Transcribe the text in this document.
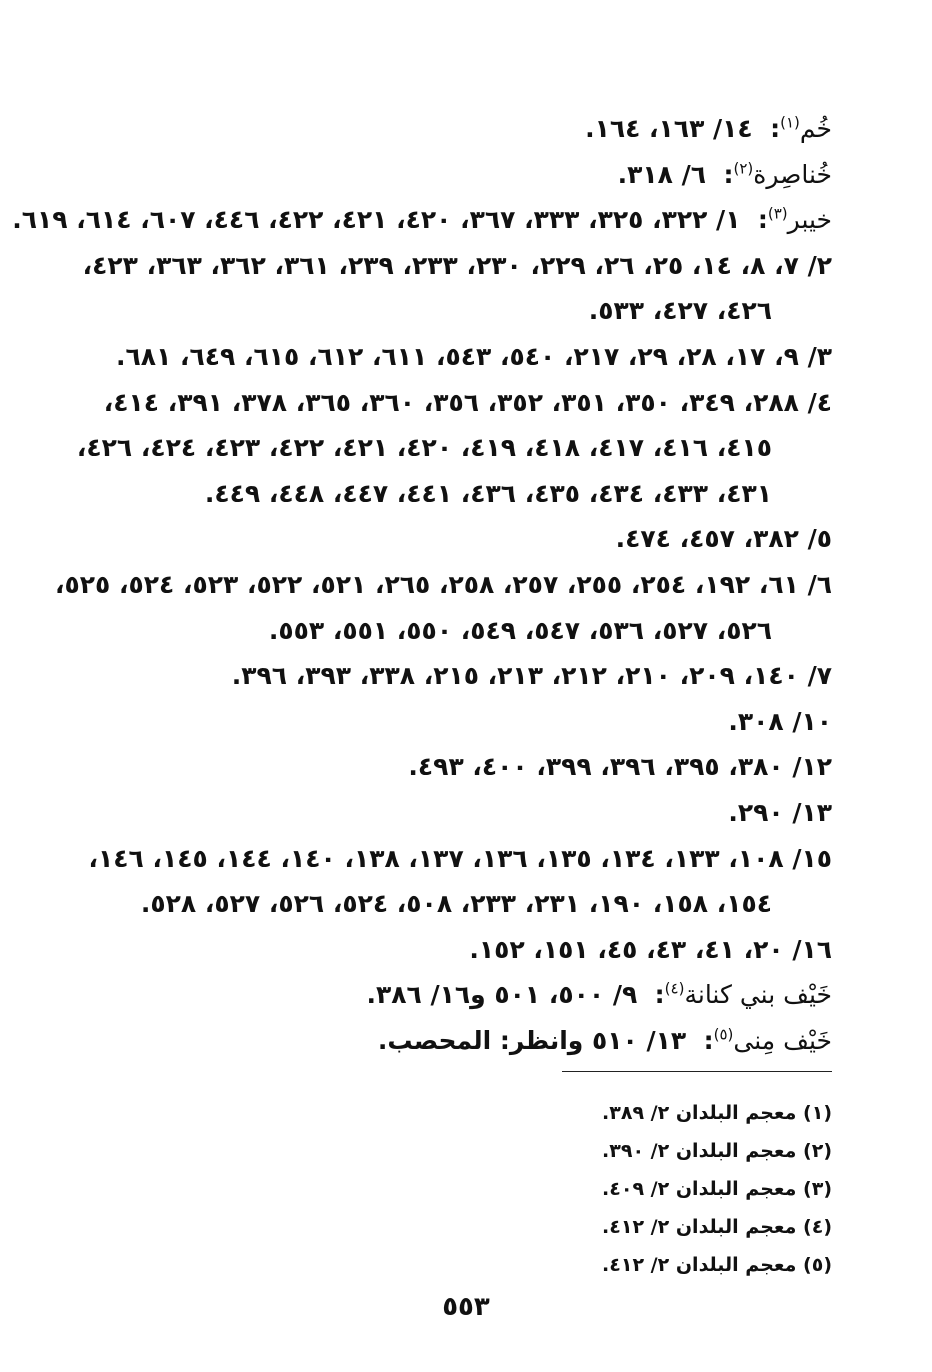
خُم$^{(١)}$:  ١٤/ ١٦٣، ١٦٤.
خُناصِرة$^{(٢)}$:  ٦/ ٣١٨.
خيبر$^{(٣)}$:  ١/ ٣٢٢، ٣٢٥، ٣٣٣، ٣٦٧، ٤٢٠، ٤٢١، ٤٢٢، ٤٤٦، ٦٠٧، ٦١٤، ٦١٩.
٢/ ٧، ٨، ١٤، ٢٥، ٢٦، ٢٢٩، ٢٣٠، ٢٣٣، ٢٣٩، ٣٦١، ٣٦٢، ٣٦٣، ٤٢٣،
٤٢٦، ٤٢٧، ٥٣٣.
٣/ ٩، ١٧، ٢٨، ٢٩، ٢١٧، ٥٤٠، ٥٤٣، ٦١١، ٦١٢، ٦١٥، ٦٤٩، ٦٨١.
٤/ ٢٨٨، ٣٤٩، ٣٥٠، ٣٥١، ٣٥٢، ٣٥٦، ٣٦٠، ٣٦٥، ٣٧٨، ٣٩١، ٤١٤،
٤١٥، ٤١٦، ٤١٧، ٤١٨، ٤١٩، ٤٢٠، ٤٢١، ٤٢٢، ٤٢٣، ٤٢٤، ٤٢٦،
٤٣١، ٤٣٣، ٤٣٤، ٤٣٥، ٤٣٦، ٤٤١، ٤٤٧، ٤٤٨، ٤٤٩.
٥/ ٣٨٢، ٤٥٧، ٤٧٤.
٦/ ٦١، ١٩٢، ٢٥٤، ٢٥٥، ٢٥٧، ٢٥٨، ٢٦٥، ٥٢١، ٥٢٢، ٥٢٣، ٥٢٤، ٥٢٥،
٥٢٦، ٥٢٧، ٥٣٦، ٥٤٧، ٥٤٩، ٥٥٠، ٥٥١، ٥٥٣.
٧/ ١٤٠، ٢٠٩، ٢١٠، ٢١٢، ٢١٣، ٢١٥، ٣٣٨، ٣٩٣، ٣٩٦.
١٠/ ٣٠٨.
١٢/ ٣٨٠، ٣٩٥، ٣٩٦، ٣٩٩، ٤٠٠، ٤٩٣.
١٣/ ٢٩٠.
١٥/ ١٠٨، ١٣٣، ١٣٤، ١٣٥، ١٣٦، ١٣٧، ١٣٨، ١٤٠، ١٤٤، ١٤٥، ١٤٦،
١٥٤، ١٥٨، ١٩٠، ٢٣١، ٢٣٣، ٥٠٨، ٥٢٤، ٥٢٦، ٥٢٧، ٥٢٨.
١٦/ ٢٠، ٤١، ٤٣، ٤٥، ١٥١، ١٥٢.
خَيْف بني كنانة$^{(٤)}$:  ٩/ ٥٠٠، ٥٠١ و١٦/ ٣٨٦.
خَيْف مِنى$^{(٥)}$:  ١٣/ ٥١٠ وانظر: المحصب.
(١) معجم البلدان ٢/ ٣٨٩.
(٢) معجم البلدان ٢/ ٣٩٠.
(٣) معجم البلدان ٢/ ٤٠٩.
(٤) معجم البلدان ٢/ ٤١٢.
(٥) معجم البلدان ٢/ ٤١٢.
٥٥٣
